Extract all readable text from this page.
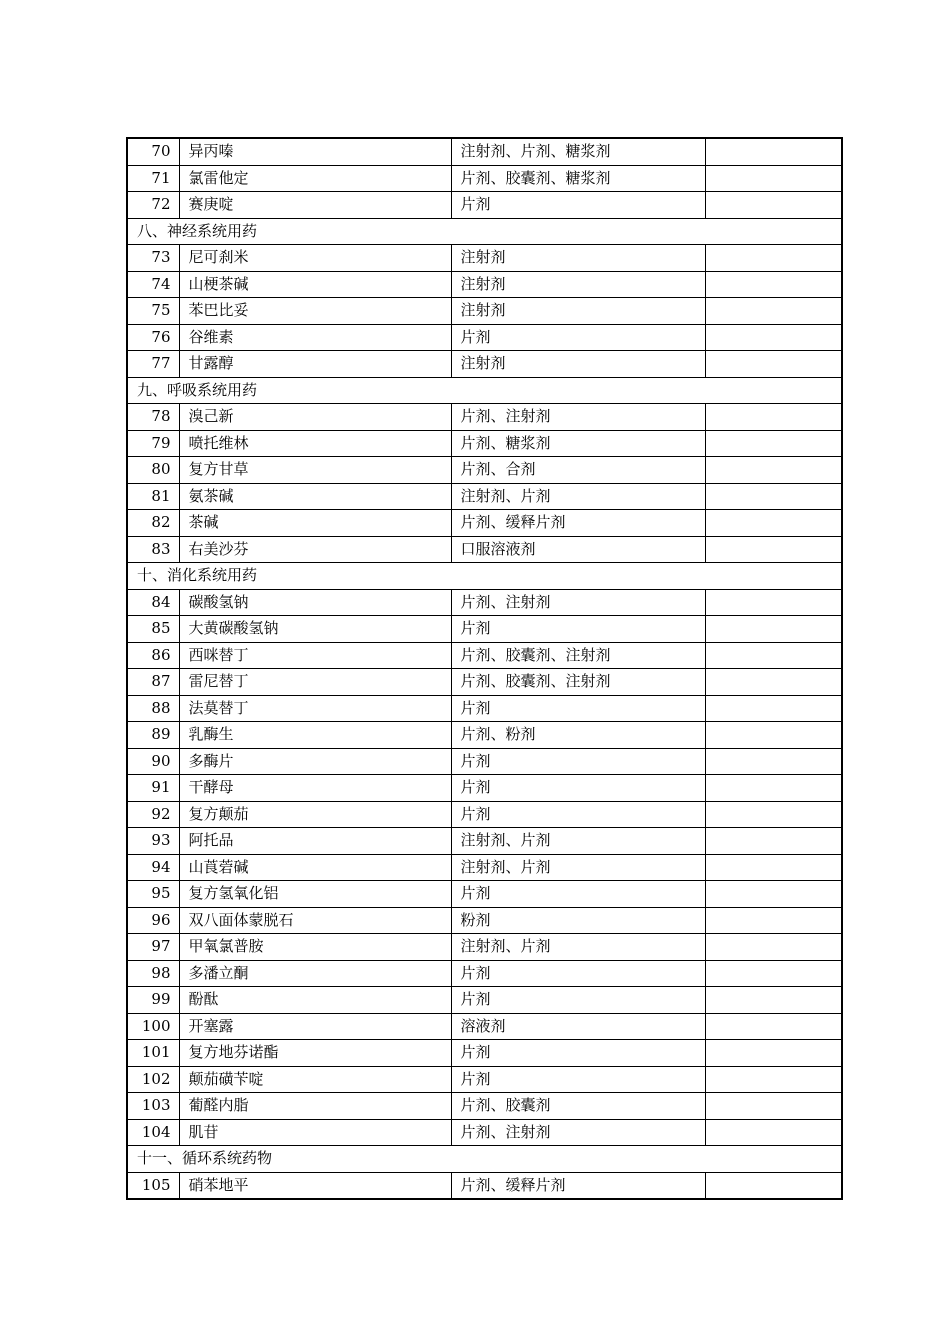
70	异丙嗪	注射剂、片剂、糖浆剂	
71	氯雷他定	片剂、胶囊剂、糖浆剂	
72	赛庚啶	片剂	
八、神经系统用药			
73	尼可刹米	注射剂	
74	山梗茶碱	注射剂	
75	苯巴比妥	注射剂	
76	谷维素	片剂	
77	甘露醇	注射剂	
九、呼吸系统用药			
78	溴己新	片剂、注射剂	
79	喷托维林	片剂、糖浆剂	
80	复方甘草	片剂、合剂	
81	氨茶碱	注射剂、片剂	
82	茶碱	片剂、缓释片剂	
83	右美沙芬	口服溶液剂	
十、消化系统用药			
84	碳酸氢钠	片剂、注射剂	
85	大黄碳酸氢钠	片剂	
86	西咪替丁	片剂、胶囊剂、注射剂	
87	雷尼替丁	片剂、胶囊剂、注射剂	
88	法莫替丁	片剂	
89	乳酶生	片剂、粉剂	
90	多酶片	片剂	
91	干酵母	片剂	
92	复方颠茄	片剂	
93	阿托品	注射剂、片剂	
94	山莨菪碱	注射剂、片剂	
95	复方氢氧化铝	片剂	
96	双八面体蒙脱石	粉剂	
97	甲氧氯普胺	注射剂、片剂	
98	多潘立酮	片剂	
99	酚酞	片剂	
100	开塞露	溶液剂	
101	复方地芬诺酯	片剂	
102	颠茄磺苄啶	片剂	
103	葡醛内脂	片剂、胶囊剂	
104	肌苷	片剂、注射剂	
十一、循环系统药物			
105	硝苯地平	片剂、缓释片剂	
